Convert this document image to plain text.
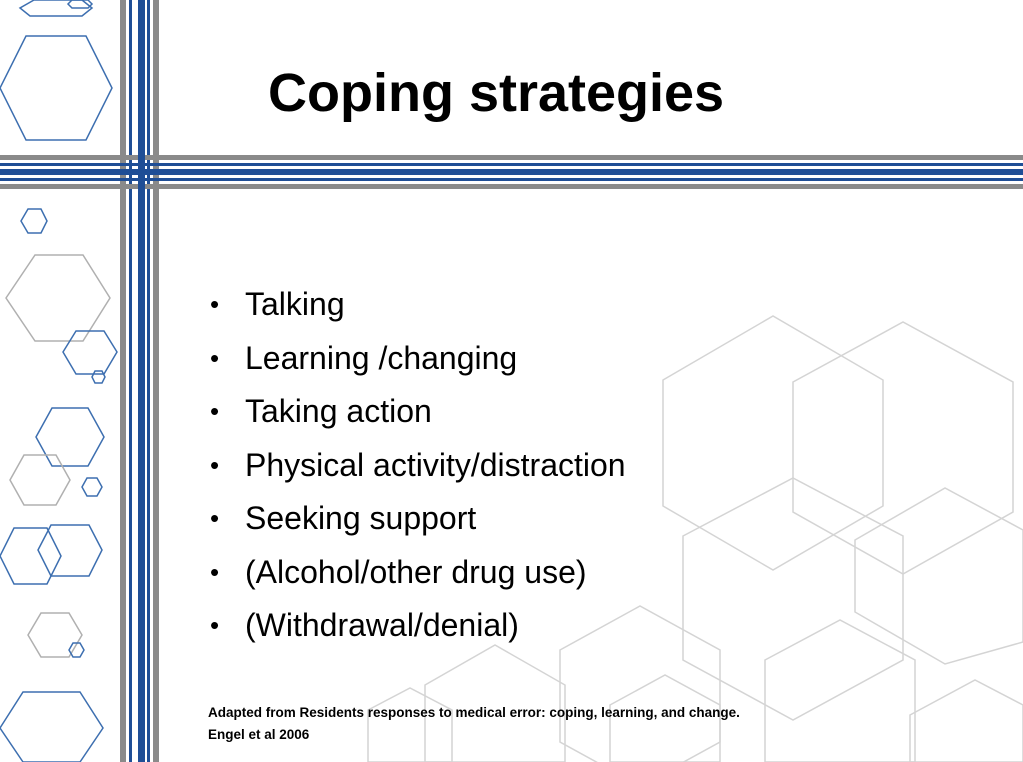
Coping strategies
• Talking
• Learning /changing
• Taking action
• Physical activity/distraction
• Seeking support
• (Alcohol/other drug use)
• (Withdrawal/denial)
Adapted from Residents responses to medical error: coping, learning, and change.
Engel et al 2006
